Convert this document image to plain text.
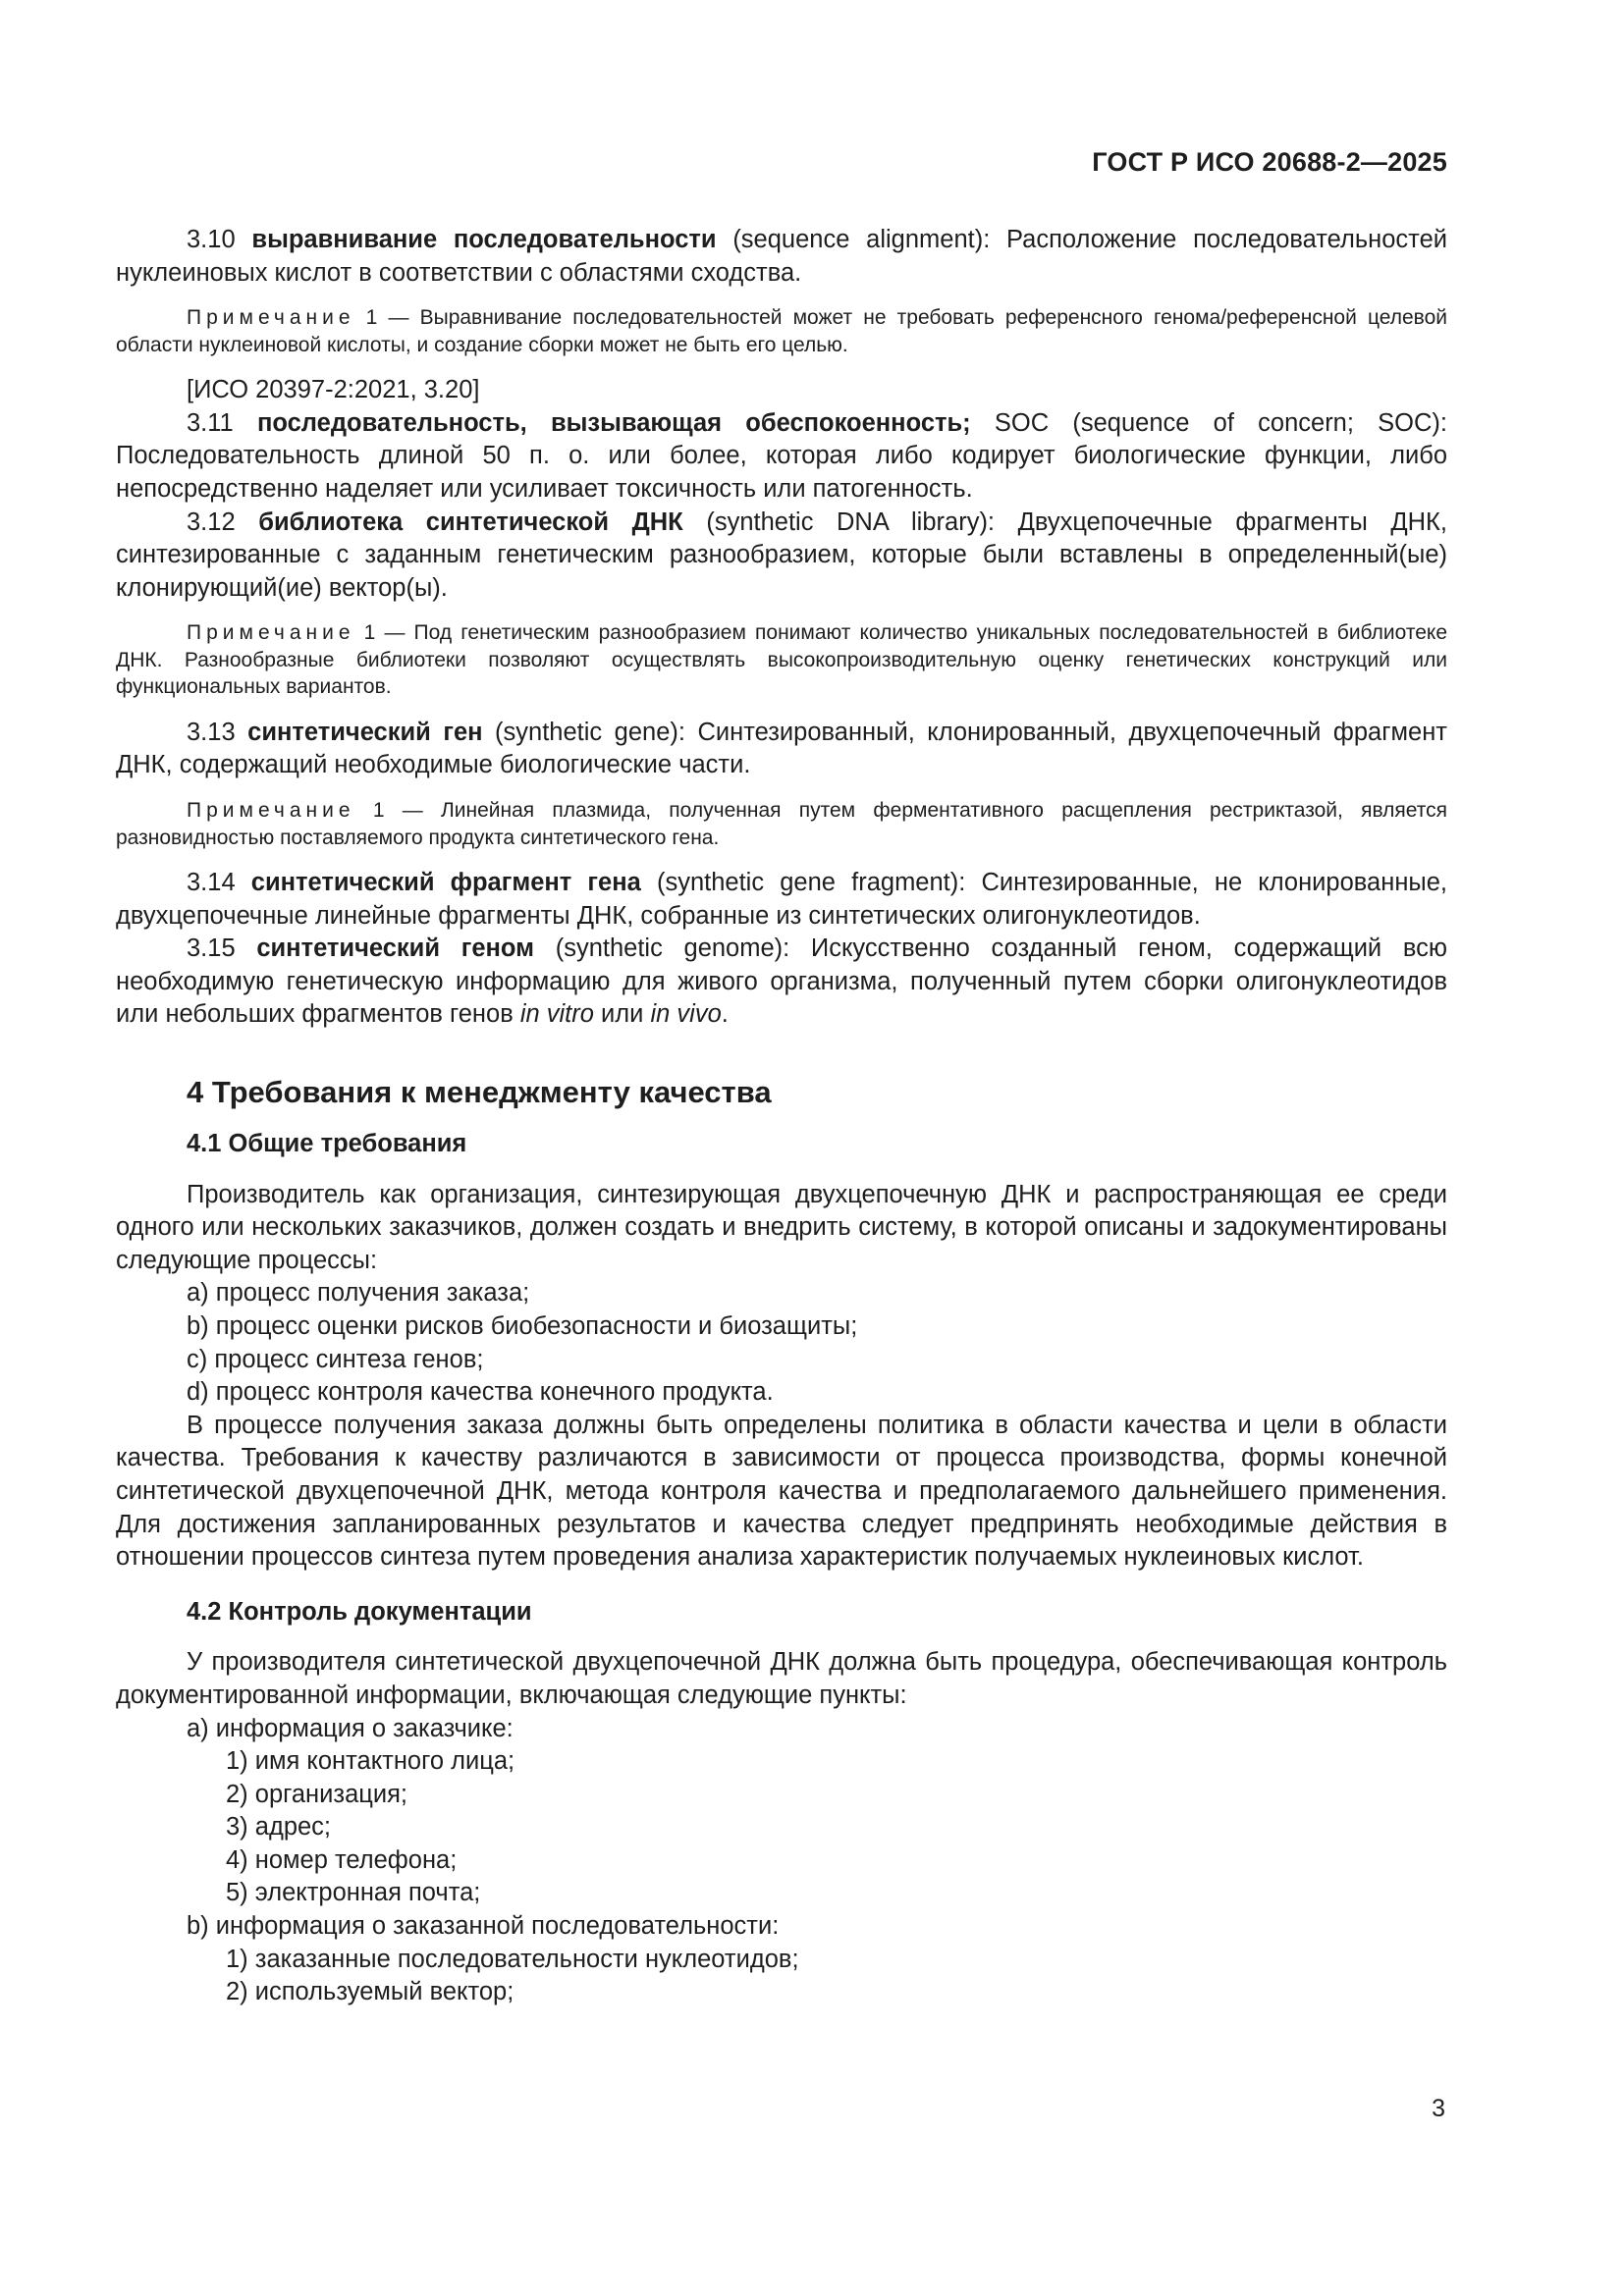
ГОСТ Р ИСО 20688-2—2025

3.10 выравнивание последовательности (sequence alignment): Расположение последовательностей нуклеиновых кислот в соответствии с областями сходства.

Примечание 1 — Выравнивание последовательностей может не требовать референсного генома/референсной целевой области нуклеиновой кислоты, и создание сборки может не быть его целью.

[ИСО 20397-2:2021, 3.20]

3.11 последовательность, вызывающая обеспокоенность; SOC (sequence of concern; SOC): Последовательность длиной 50 п. о. или более, которая либо кодирует биологические функции, либо непосредственно наделяет или усиливает токсичность или патогенность.

3.12 библиотека синтетической ДНК (synthetic DNA library): Двухцепочечные фрагменты ДНК, синтезированные с заданным генетическим разнообразием, которые были вставлены в определенный(ые) клонирующий(ие) вектор(ы).

Примечание 1 — Под генетическим разнообразием понимают количество уникальных последовательностей в библиотеке ДНК. Разнообразные библиотеки позволяют осуществлять высокопроизводительную оценку генетических конструкций или функциональных вариантов.

3.13 синтетический ген (synthetic gene): Синтезированный, клонированный, двухцепочечный фрагмент ДНК, содержащий необходимые биологические части.

Примечание 1 — Линейная плазмида, полученная путем ферментативного расщепления рестриктазой, является разновидностью поставляемого продукта синтетического гена.

3.14 синтетический фрагмент гена (synthetic gene fragment): Синтезированные, не клонированные, двухцепочечные линейные фрагменты ДНК, собранные из синтетических олигонуклеотидов.

3.15 синтетический геном (synthetic genome): Искусственно созданный геном, содержащий всю необходимую генетическую информацию для живого организма, полученный путем сборки олигонуклеотидов или небольших фрагментов генов in vitro или in vivo.

4 Требования к менеджменту качества
4.1 Общие требования

Производитель как организация, синтезирующая двухцепочечную ДНК и распространяющая ее среди одного или нескольких заказчиков, должен создать и внедрить систему, в которой описаны и задокументированы следующие процессы:

a) процесс получения заказа;

b) процесс оценки рисков биобезопасности и биозащиты;

c) процесс синтеза генов;

d) процесс контроля качества конечного продукта.

В процессе получения заказа должны быть определены политика в области качества и цели в области качества. Требования к качеству различаются в зависимости от процесса производства, формы конечной синтетической двухцепочечной ДНК, метода контроля качества и предполагаемого дальнейшего применения. Для достижения запланированных результатов и качества следует предпринять необходимые действия в отношении процессов синтеза путем проведения анализа характеристик получаемых нуклеиновых кислот.

4.2 Контроль документации

У производителя синтетической двухцепочечной ДНК должна быть процедура, обеспечивающая контроль документированной информации, включающая следующие пункты:

a) информация о заказчике:

1) имя контактного лица;

2) организация;

3) адрес;

4) номер телефона;

5) электронная почта;

b) информация о заказанной последовательности:

1) заказанные последовательности нуклеотидов;

2) используемый вектор;

3
